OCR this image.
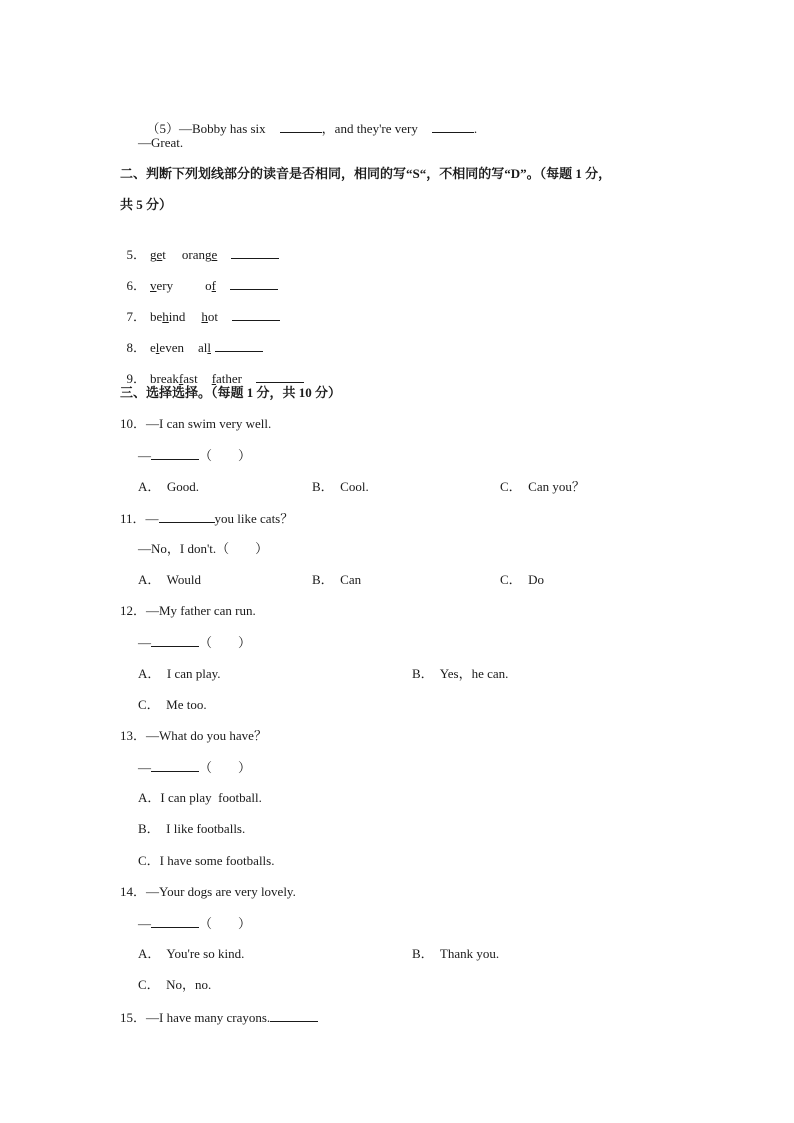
（5）—Bobby has six	，and they're very	.

—Great.
二、判断下列划线部分的读音是否相同，相同的写“S“，不相同的写“D”。（每题 1 分，
共 5 分）

5． get orange

6． very of

7． behind hot

8． eleven all

9． breakfast father

三、选择选择。（每题 1 分，共 10 分）
10．—I can swim very well.
—	（　　）
A．  Good.	B．  Cool.	C．  Can you？
11．—	you like cats？
—No，I don't.（　　）
A．  Would	B．  Can	C．  Do
12．—My father can run.
—	（　　）
A．  I can play.	B．  Yes，he can.
C．  Me too.
13．—What do you have？
—	（　　）
A．I can play  football.
B．  I like footballs.
C．I have some footballs.
14．—Your dogs are very lovely.
—	（　　）
A．  You're so kind.	B．  Thank you.
C．  No，no.
15．—I have many crayons.
